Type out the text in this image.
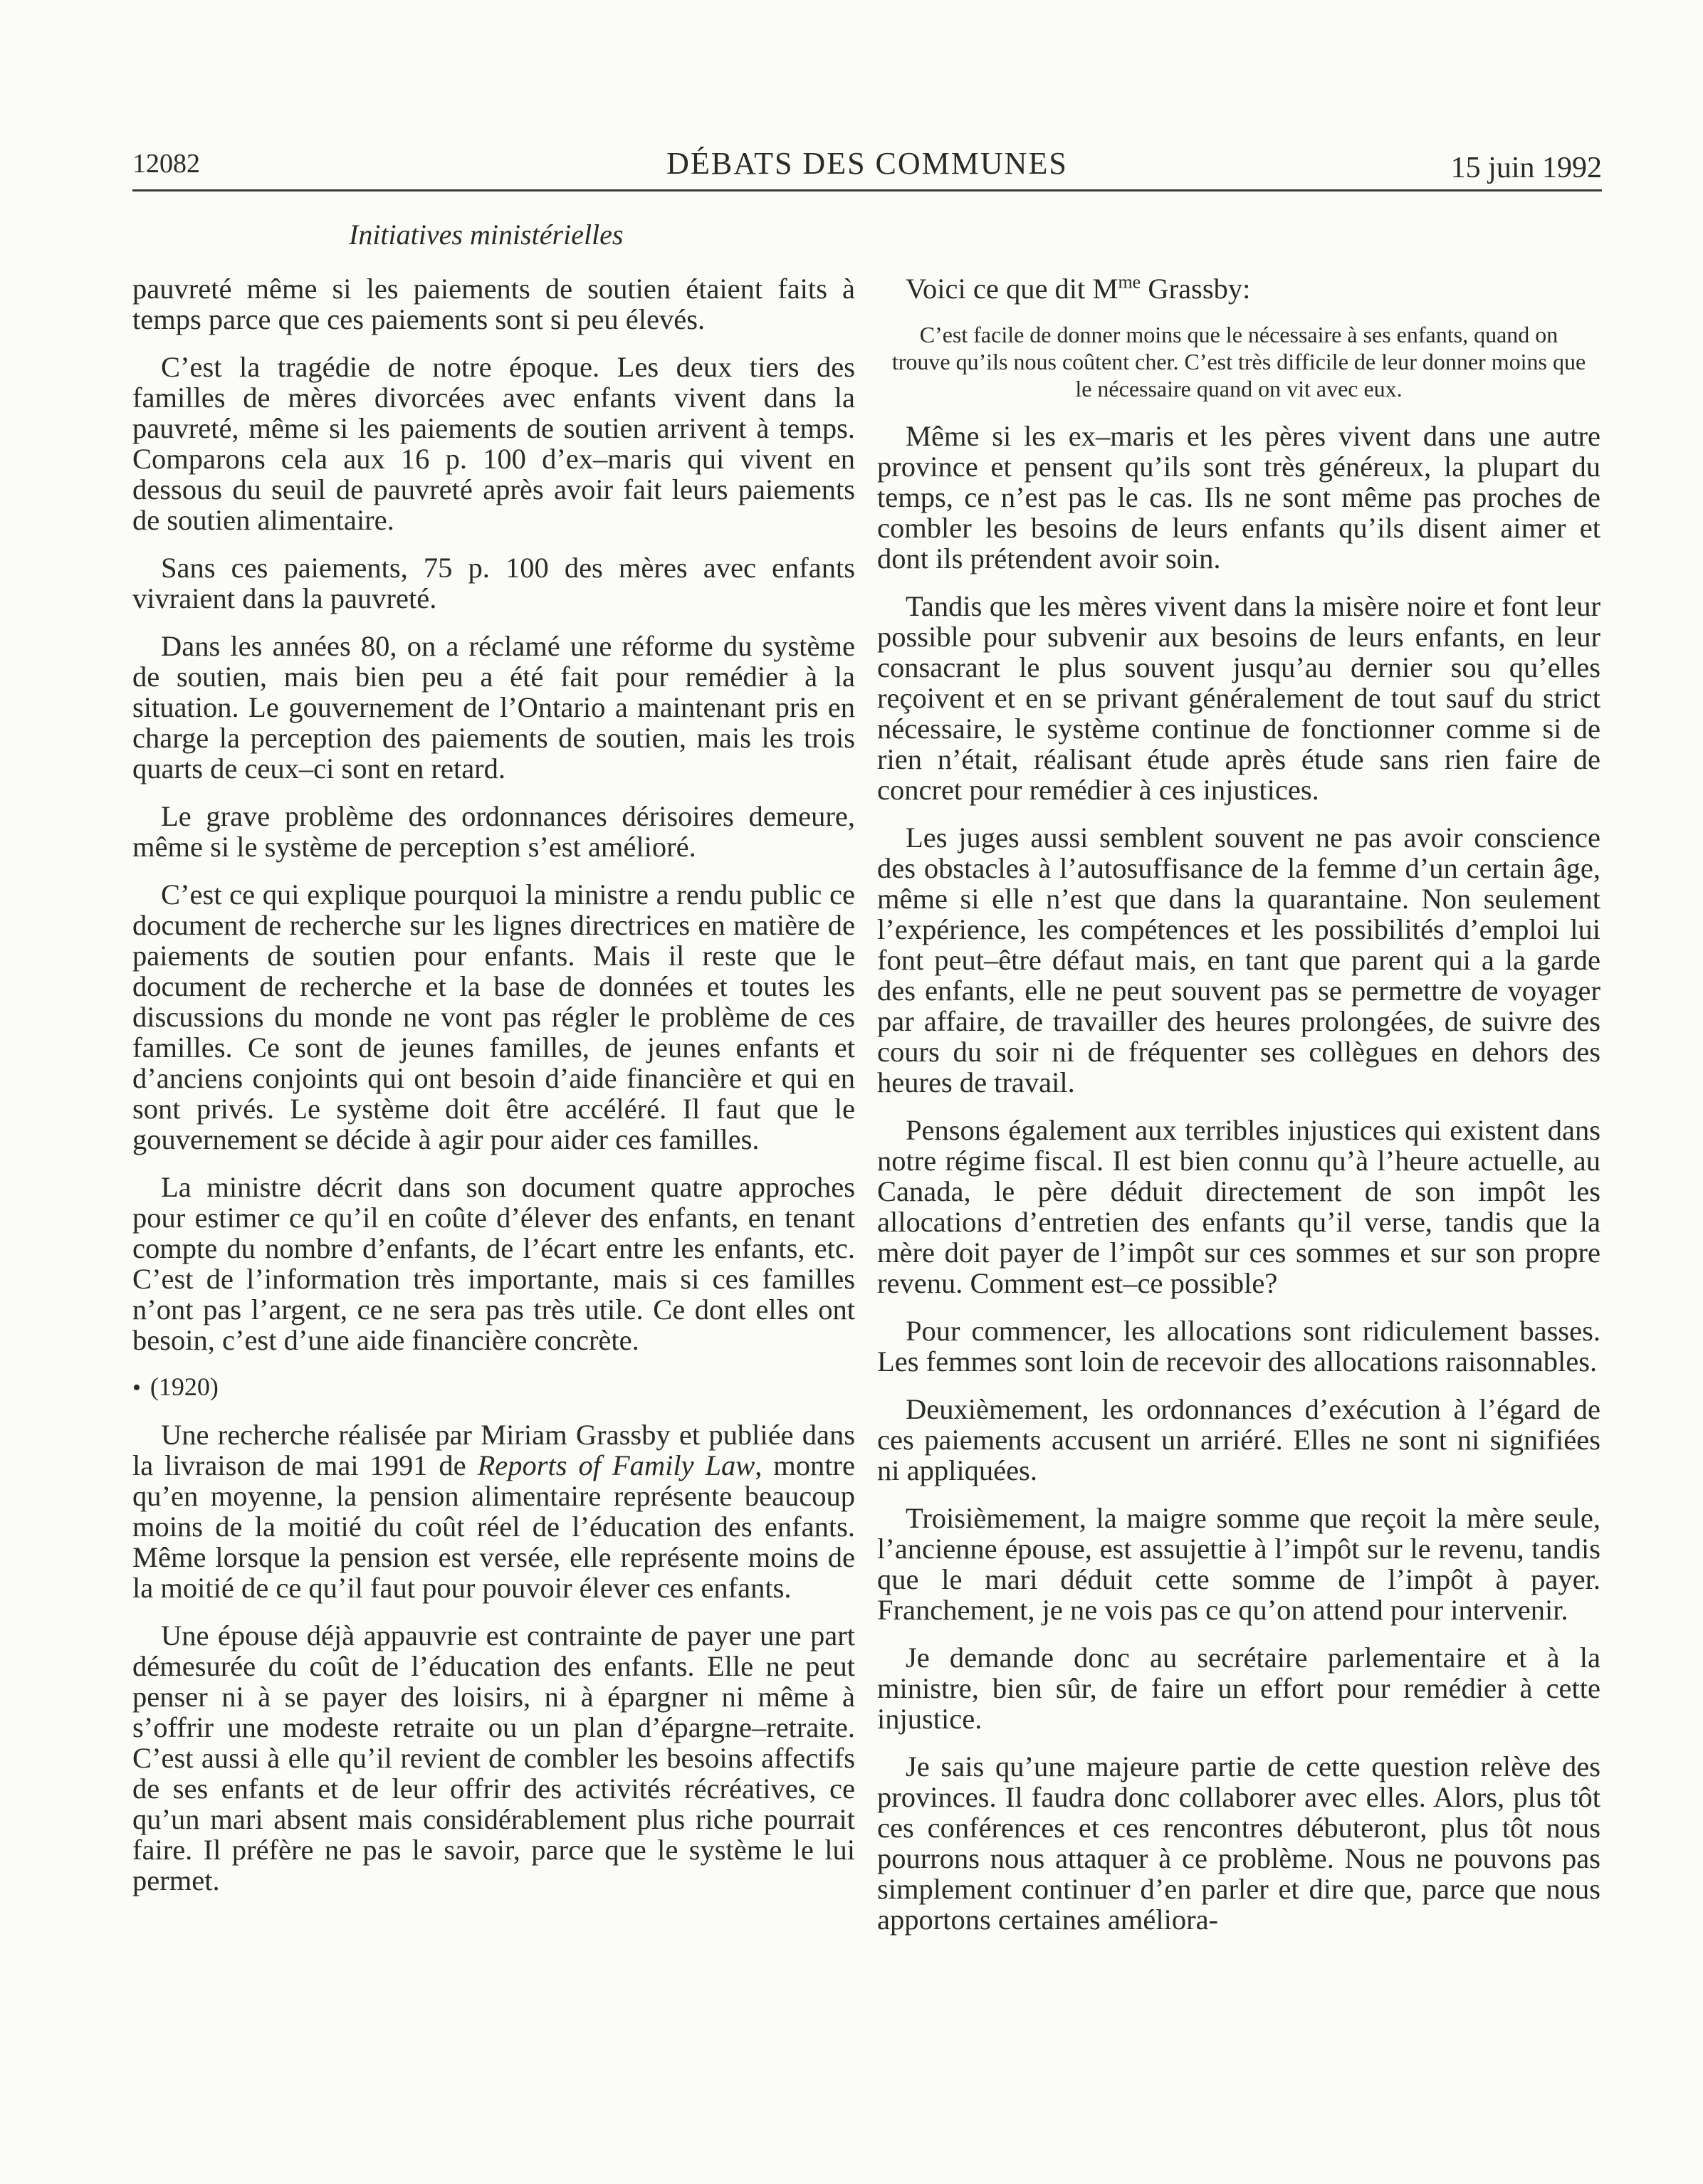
12082	DÉBATS DES COMMUNES	15 juin 1992
Initiatives ministérielles

pauvreté même si les paiements de soutien étaient faits à temps parce que ces paiements sont si peu élevés.

C’est la tragédie de notre époque. Les deux tiers des familles de mères divorcées avec enfants vivent dans la pauvreté, même si les paiements de soutien arrivent à temps. Comparons cela aux 16 p. 100 d’ex–maris qui vivent en dessous du seuil de pauvreté après avoir fait leurs paiements de soutien alimentaire.

Sans ces paiements, 75 p. 100 des mères avec enfants vivraient dans la pauvreté.

Dans les années 80, on a réclamé une réforme du système de soutien, mais bien peu a été fait pour remédier à la situation. Le gouvernement de l’Ontario a maintenant pris en charge la perception des paiements de soutien, mais les trois quarts de ceux–ci sont en retard.

Le grave problème des ordonnances dérisoires demeure, même si le système de perception s’est amélioré.

C’est ce qui explique pourquoi la ministre a rendu public ce document de recherche sur les lignes directrices en matière de paiements de soutien pour enfants. Mais il reste que le document de recherche et la base de données et toutes les discussions du monde ne vont pas régler le problème de ces familles. Ce sont de jeunes familles, de jeunes enfants et d’anciens conjoints qui ont besoin d’aide financière et qui en sont privés. Le système doit être accéléré. Il faut que le gouvernement se décide à agir pour aider ces familles.

La ministre décrit dans son document quatre approches pour estimer ce qu’il en coûte d’élever des enfants, en tenant compte du nombre d’enfants, de l’écart entre les enfants, etc. C’est de l’information très importante, mais si ces familles n’ont pas l’argent, ce ne sera pas très utile. Ce dont elles ont besoin, c’est d’une aide financière concrète.

• (1920)

Une recherche réalisée par Miriam Grassby et publiée dans la livraison de mai 1991 de Reports of Family Law, montre qu’en moyenne, la pension alimentaire représente beaucoup moins de la moitié du coût réel de l’éducation des enfants. Même lorsque la pension est versée, elle représente moins de la moitié de ce qu’il faut pour pouvoir élever ces enfants.

Une épouse déjà appauvrie est contrainte de payer une part démesurée du coût de l’éducation des enfants. Elle ne peut penser ni à se payer des loisirs, ni à épargner ni même à s’offrir une modeste retraite ou un plan d’épargne–retraite. C’est aussi à elle qu’il revient de combler les besoins affectifs de ses enfants et de leur offrir des activités récréatives, ce qu’un mari absent mais considérablement plus riche pourrait faire. Il préfère ne pas le savoir, parce que le système le lui permet.

Voici ce que dit $M^{me}$ Grassby:

C’est facile de donner moins que le nécessaire à ses enfants, quand on trouve qu’ils nous coûtent cher. C’est très difficile de leur donner moins que le nécessaire quand on vit avec eux.

Même si les ex–maris et les pères vivent dans une autre province et pensent qu’ils sont très généreux, la plupart du temps, ce n’est pas le cas. Ils ne sont même pas proches de combler les besoins de leurs enfants qu’ils disent aimer et dont ils prétendent avoir soin.

Tandis que les mères vivent dans la misère noire et font leur possible pour subvenir aux besoins de leurs enfants, en leur consacrant le plus souvent jusqu’au dernier sou qu’elles reçoivent et en se privant généralement de tout sauf du strict nécessaire, le système continue de fonctionner comme si de rien n’était, réalisant étude après étude sans rien faire de concret pour remédier à ces injustices.

Les juges aussi semblent souvent ne pas avoir conscience des obstacles à l’autosuffisance de la femme d’un certain âge, même si elle n’est que dans la quarantaine. Non seulement l’expérience, les compétences et les possibilités d’emploi lui font peut–être défaut mais, en tant que parent qui a la garde des enfants, elle ne peut souvent pas se permettre de voyager par affaire, de travailler des heures prolongées, de suivre des cours du soir ni de fréquenter ses collègues en dehors des heures de travail.

Pensons également aux terribles injustices qui existent dans notre régime fiscal. Il est bien connu qu’à l’heure actuelle, au Canada, le père déduit directement de son impôt les allocations d’entretien des enfants qu’il verse, tandis que la mère doit payer de l’impôt sur ces sommes et sur son propre revenu. Comment est–ce possible?

Pour commencer, les allocations sont ridiculement basses. Les femmes sont loin de recevoir des allocations raisonnables.

Deuxièmement, les ordonnances d’exécution à l’égard de ces paiements accusent un arriéré. Elles ne sont ni signifiées ni appliquées.

Troisièmement, la maigre somme que reçoit la mère seule, l’ancienne épouse, est assujettie à l’impôt sur le revenu, tandis que le mari déduit cette somme de l’impôt à payer. Franchement, je ne vois pas ce qu’on attend pour intervenir.

Je demande donc au secrétaire parlementaire et à la ministre, bien sûr, de faire un effort pour remédier à cette injustice.

Je sais qu’une majeure partie de cette question relève des provinces. Il faudra donc collaborer avec elles. Alors, plus tôt ces conférences et ces rencontres débuteront, plus tôt nous pourrons nous attaquer à ce problème. Nous ne pouvons pas simplement continuer d’en parler et dire que, parce que nous apportons certaines améliora-
